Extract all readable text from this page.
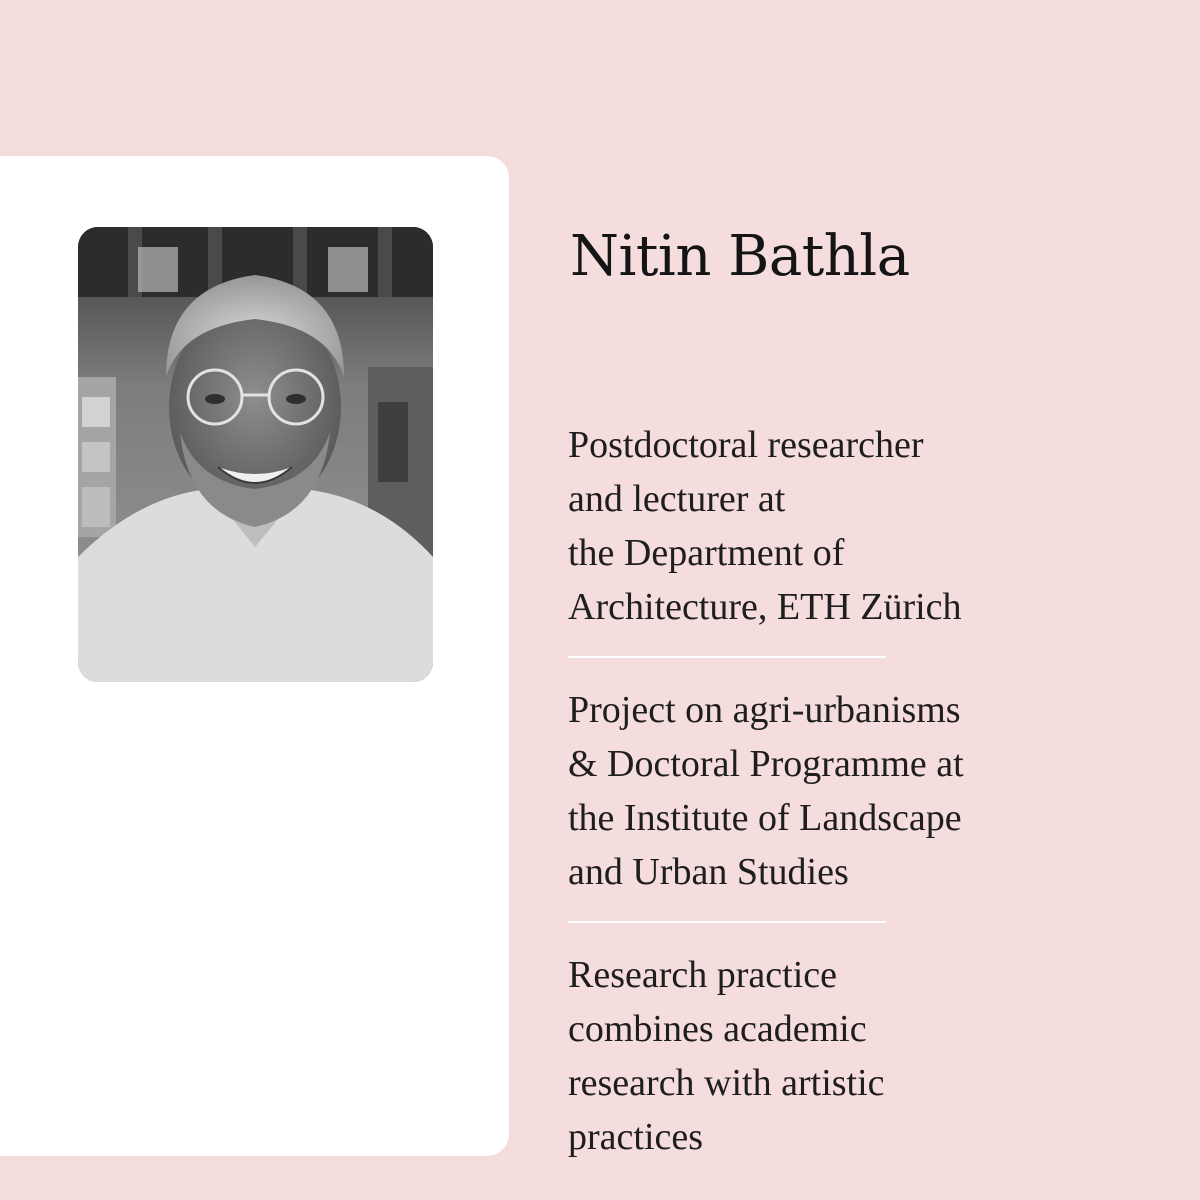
Nitin Bathla
Postdoctoral researcher
and lecturer at
the Department of
Architecture, ETH Zürich
Project on agri-urbanisms
& Doctoral Programme at
the Institute of Landscape
and Urban Studies
Research practice
combines academic
research with artistic
practices
